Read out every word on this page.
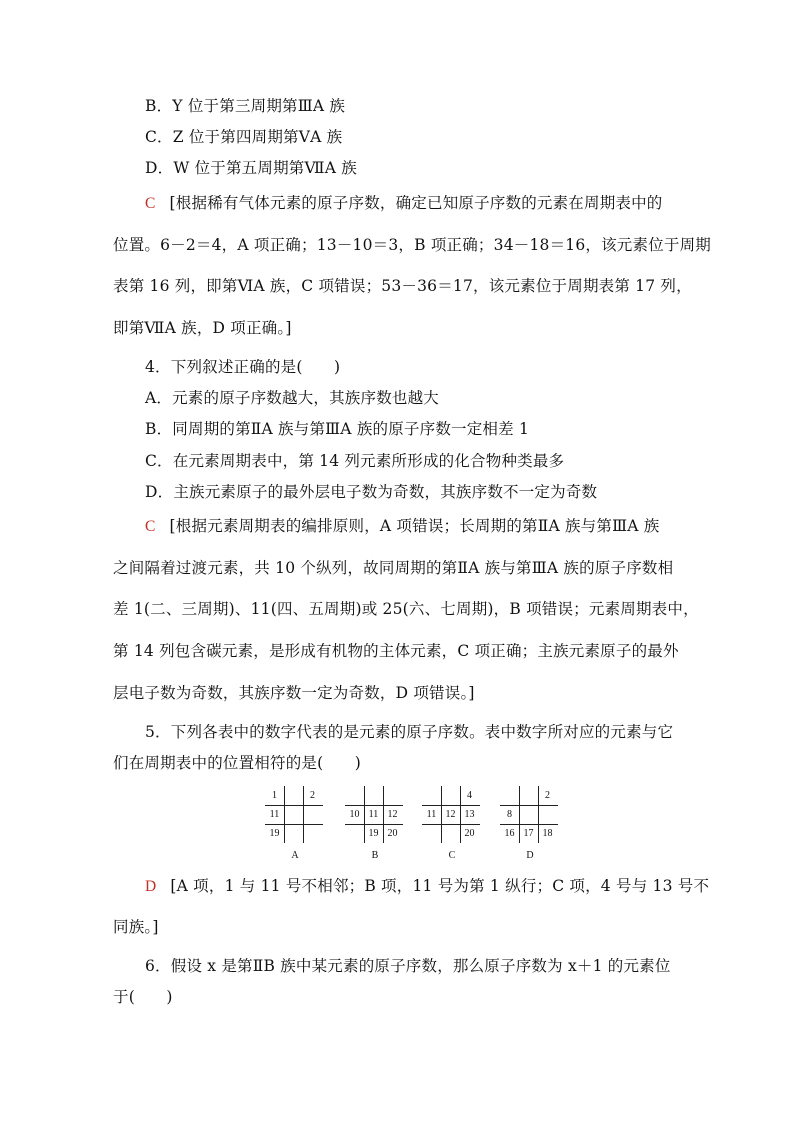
B．Y 位于第三周期第ⅢA 族
C．Z 位于第四周期第ⅤA 族
D．W 位于第五周期第ⅦA 族
C [根据稀有气体元素的原子序数，确定已知原子序数的元素在周期表中的
位置。6－2＝4，A 项正确；13－10＝3，B 项正确；34－18＝16，该元素位于周期
表第 16 列，即第ⅥA 族，C 项错误；53－36＝17，该元素位于周期表第 17 列，
即第ⅦA 族，D 项正确。]
4．下列叙述正确的是(　　)
A．元素的原子序数越大，其族序数也越大
B．同周期的第ⅡA 族与第ⅢA 族的原子序数一定相差 1
C．在元素周期表中，第 14 列元素所形成的化合物种类最多
D．主族元素原子的最外层电子数为奇数，其族序数不一定为奇数
C [根据元素周期表的编排原则，A 项错误；长周期的第ⅡA 族与第ⅢA 族
之间隔着过渡元素，共 10 个纵列，故同周期的第ⅡA 族与第ⅢA 族的原子序数相
差 1(二、三周期)、11(四、五周期)或 25(六、七周期)，B 项错误；元素周期表中，
第 14 列包含碳元素，是形成有机物的主体元素，C 项正确；主族元素原子的最外
层电子数为奇数，其族序数一定为奇数，D 项错误。]
5．下列各表中的数字代表的是元素的原子序数。表中数字所对应的元素与它
们在周期表中的位置相符的是(　　)
1	2
11
19
A
10 11 12
19 20
B
4
11 12 13
20
C
2
8
16 17 18
D
D [A 项，1 与 11 号不相邻；B 项，11 号为第 1 纵行；C 项，4 号与 13 号不
同族。]
6．假设 x 是第ⅡB 族中某元素的原子序数，那么原子序数为 x＋1 的元素位
于(　　)
